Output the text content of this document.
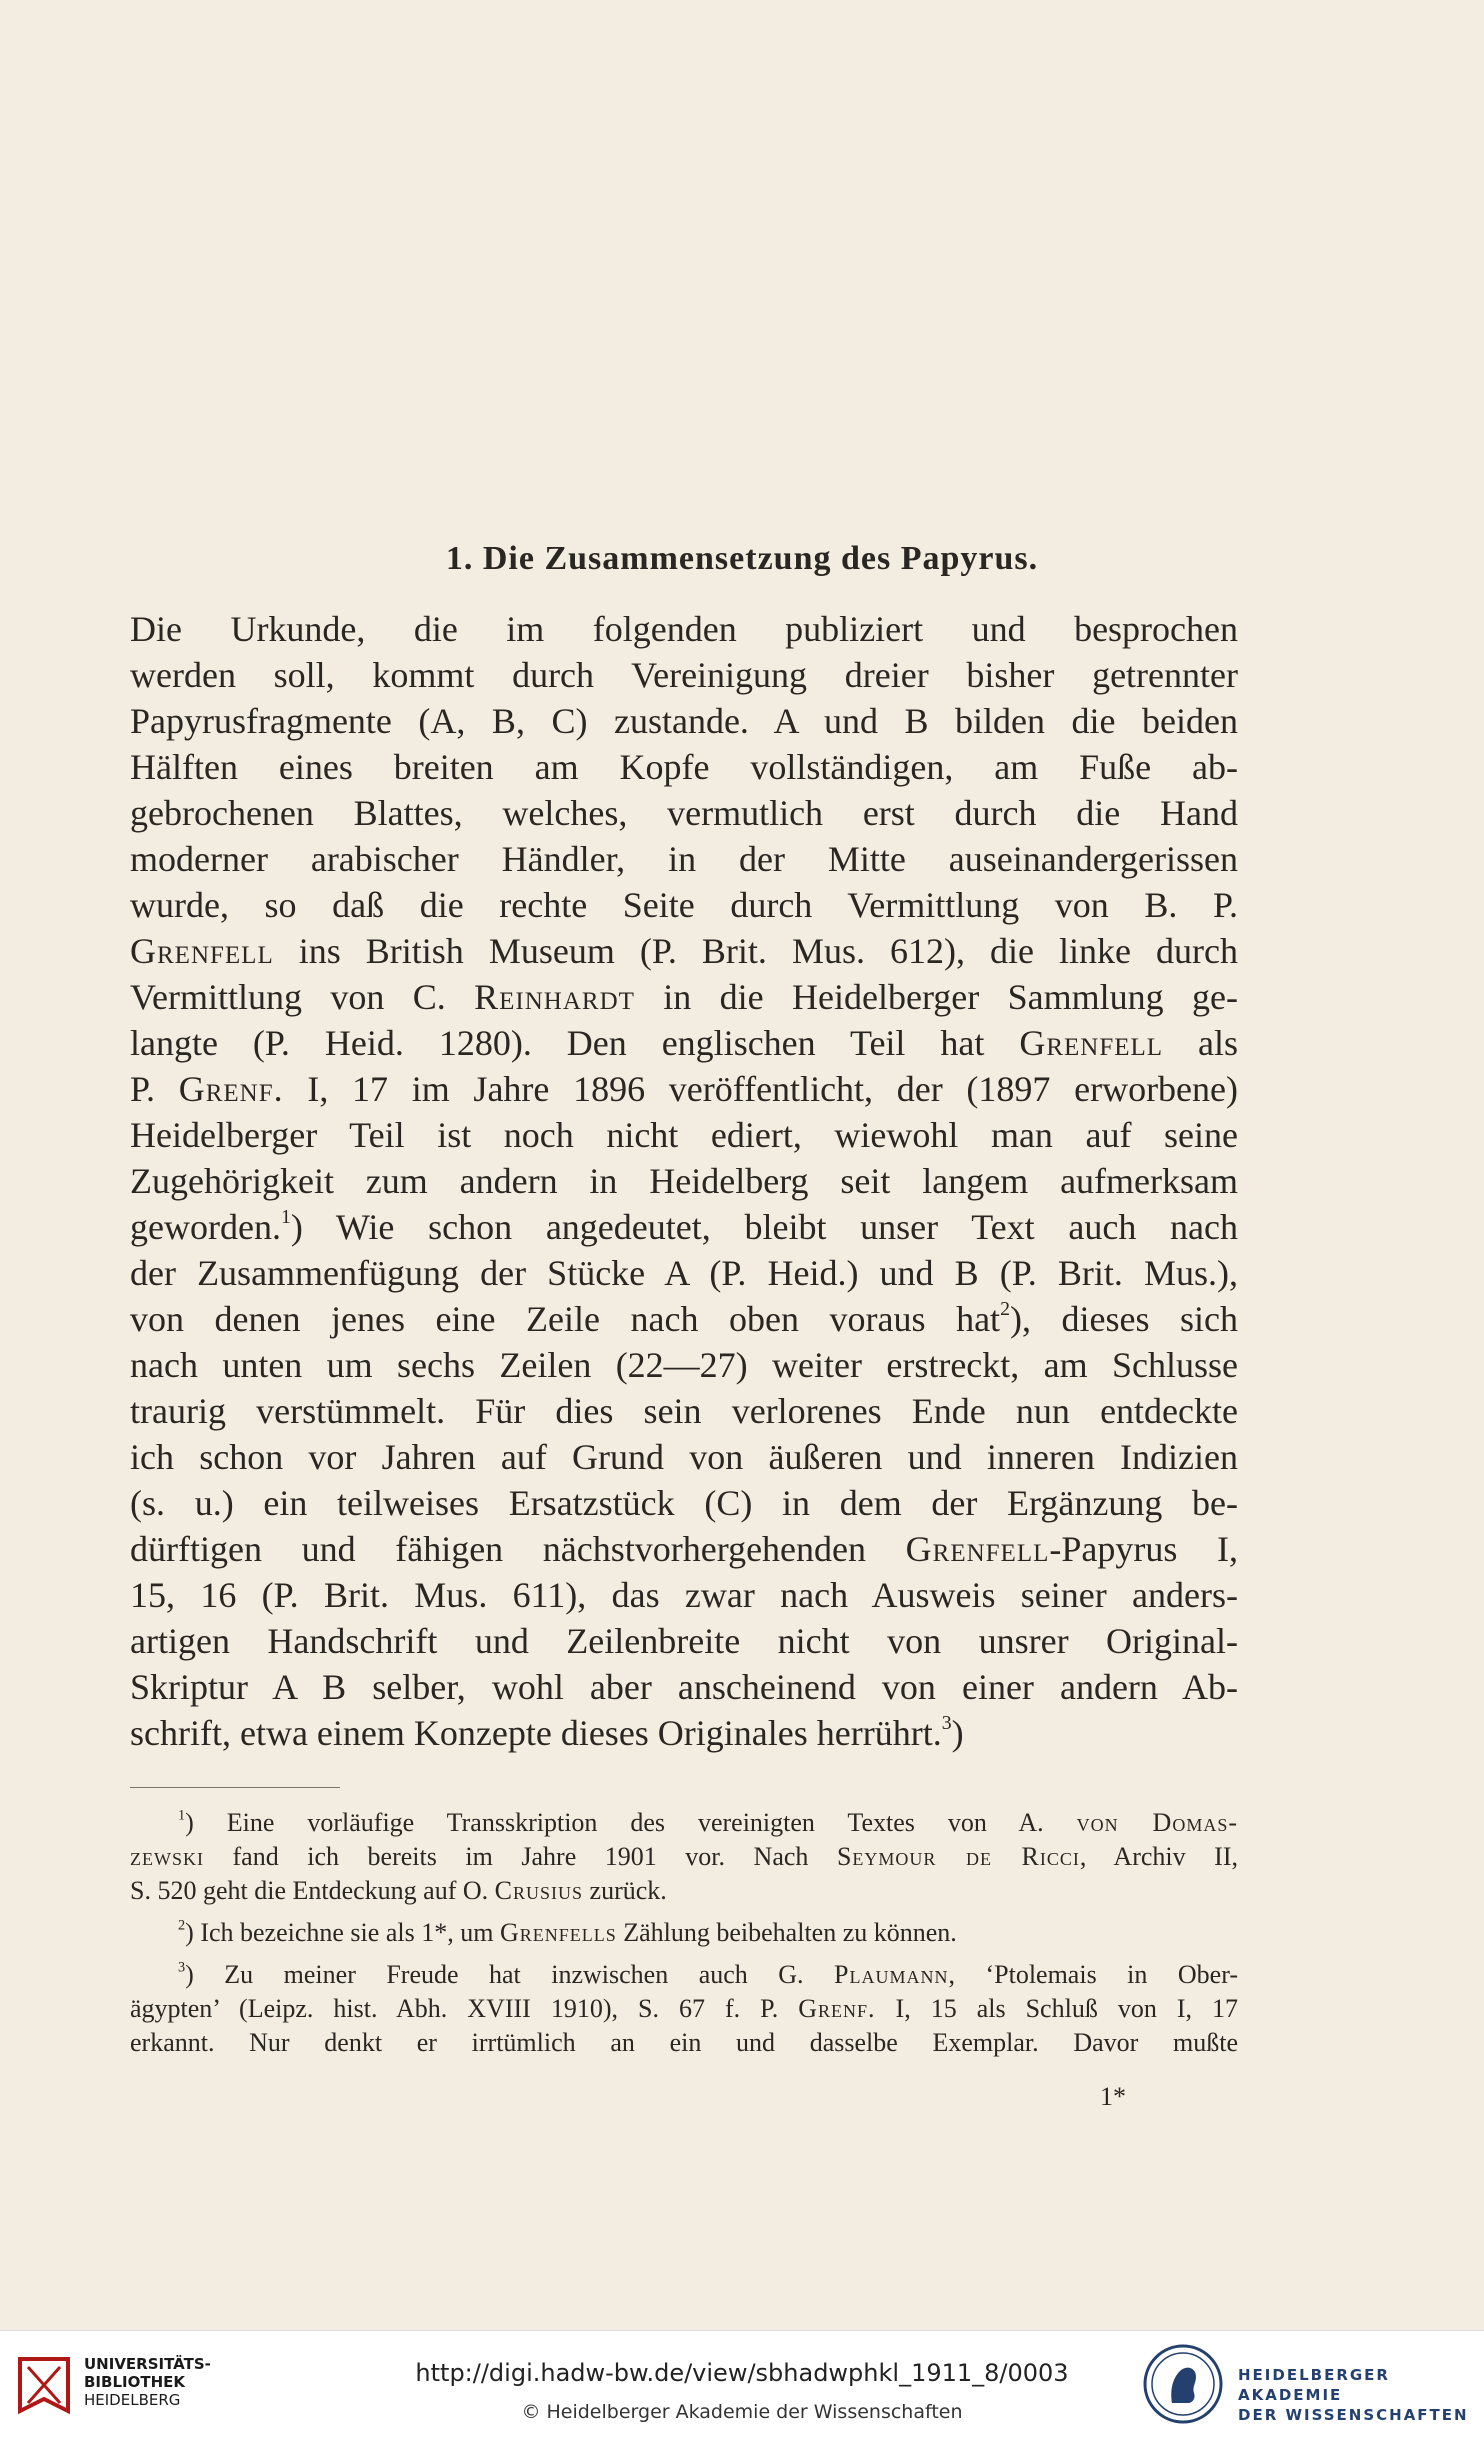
1. Die Zusammensetzung des Papyrus.
Die Urkunde, die im folgenden publiziert und besprochen
werden soll, kommt durch Vereinigung dreier bisher getrennter
Papyrusfragmente (A, B, C) zustande. A und B bilden die beiden
Hälften eines breiten am Kopfe vollständigen, am Fuße ab-
gebrochenen Blattes, welches, vermutlich erst durch die Hand
moderner arabischer Händler, in der Mitte auseinandergerissen
wurde, so daß die rechte Seite durch Vermittlung von B. P.
Grenfell ins British Museum (P. Brit. Mus. 612), die linke durch
Vermittlung von C. Reinhardt in die Heidelberger Sammlung ge-
langte (P. Heid. 1280). Den englischen Teil hat Grenfell als
P. Grenf. I, 17 im Jahre 1896 veröffentlicht, der (1897 erworbene)
Heidelberger Teil ist noch nicht ediert, wiewohl man auf seine
Zugehörigkeit zum andern in Heidelberg seit langem aufmerksam
geworden.$^1$) Wie schon angedeutet, bleibt unser Text auch nach
der Zusammenfügung der Stücke A (P. Heid.) und B (P. Brit. Mus.),
von denen jenes eine Zeile nach oben voraus hat$^2$), dieses sich
nach unten um sechs Zeilen (22—27) weiter erstreckt, am Schlusse
traurig verstümmelt. Für dies sein verlorenes Ende nun entdeckte
ich schon vor Jahren auf Grund von äußeren und inneren Indizien
(s. u.) ein teilweises Ersatzstück (C) in dem der Ergänzung be-
dürftigen und fähigen nächstvorhergehenden Grenfell-Papyrus I,
15, 16 (P. Brit. Mus. 611), das zwar nach Ausweis seiner anders-
artigen Handschrift und Zeilenbreite nicht von unsrer Original-
Skriptur A B selber, wohl aber anscheinend von einer andern Ab-
schrift, etwa einem Konzepte dieses Originales herrührt.$^3$)
$^1$) Eine vorläufige Transskription des vereinigten Textes von A. von Domas-
zewski fand ich bereits im Jahre 1901 vor. Nach Seymour de Ricci, Archiv II,
S. 520 geht die Entdeckung auf O. Crusius zurück.
$^2$) Ich bezeichne sie als 1*, um Grenfells Zählung beibehalten zu können.
$^3$) Zu meiner Freude hat inzwischen auch G. Plaumann, ‘Ptolemais in Ober-
ägypten’ (Leipz. hist. Abh. XVIII 1910), S. 67 f. P. Grenf. I, 15 als Schluß von I, 17
erkannt. Nur denkt er irrtümlich an ein und dasselbe Exemplar. Davor mußte
1*
UNIVERSITÄTS-
BIBLIOTHEK
HEIDELBERG
http://digi.hadw-bw.de/view/sbhadwphkl_1911_8/0003
© Heidelberger Akademie der Wissenschaften
HEIDELBERGER AKADEMIE
DER WISSENSCHAFTEN
